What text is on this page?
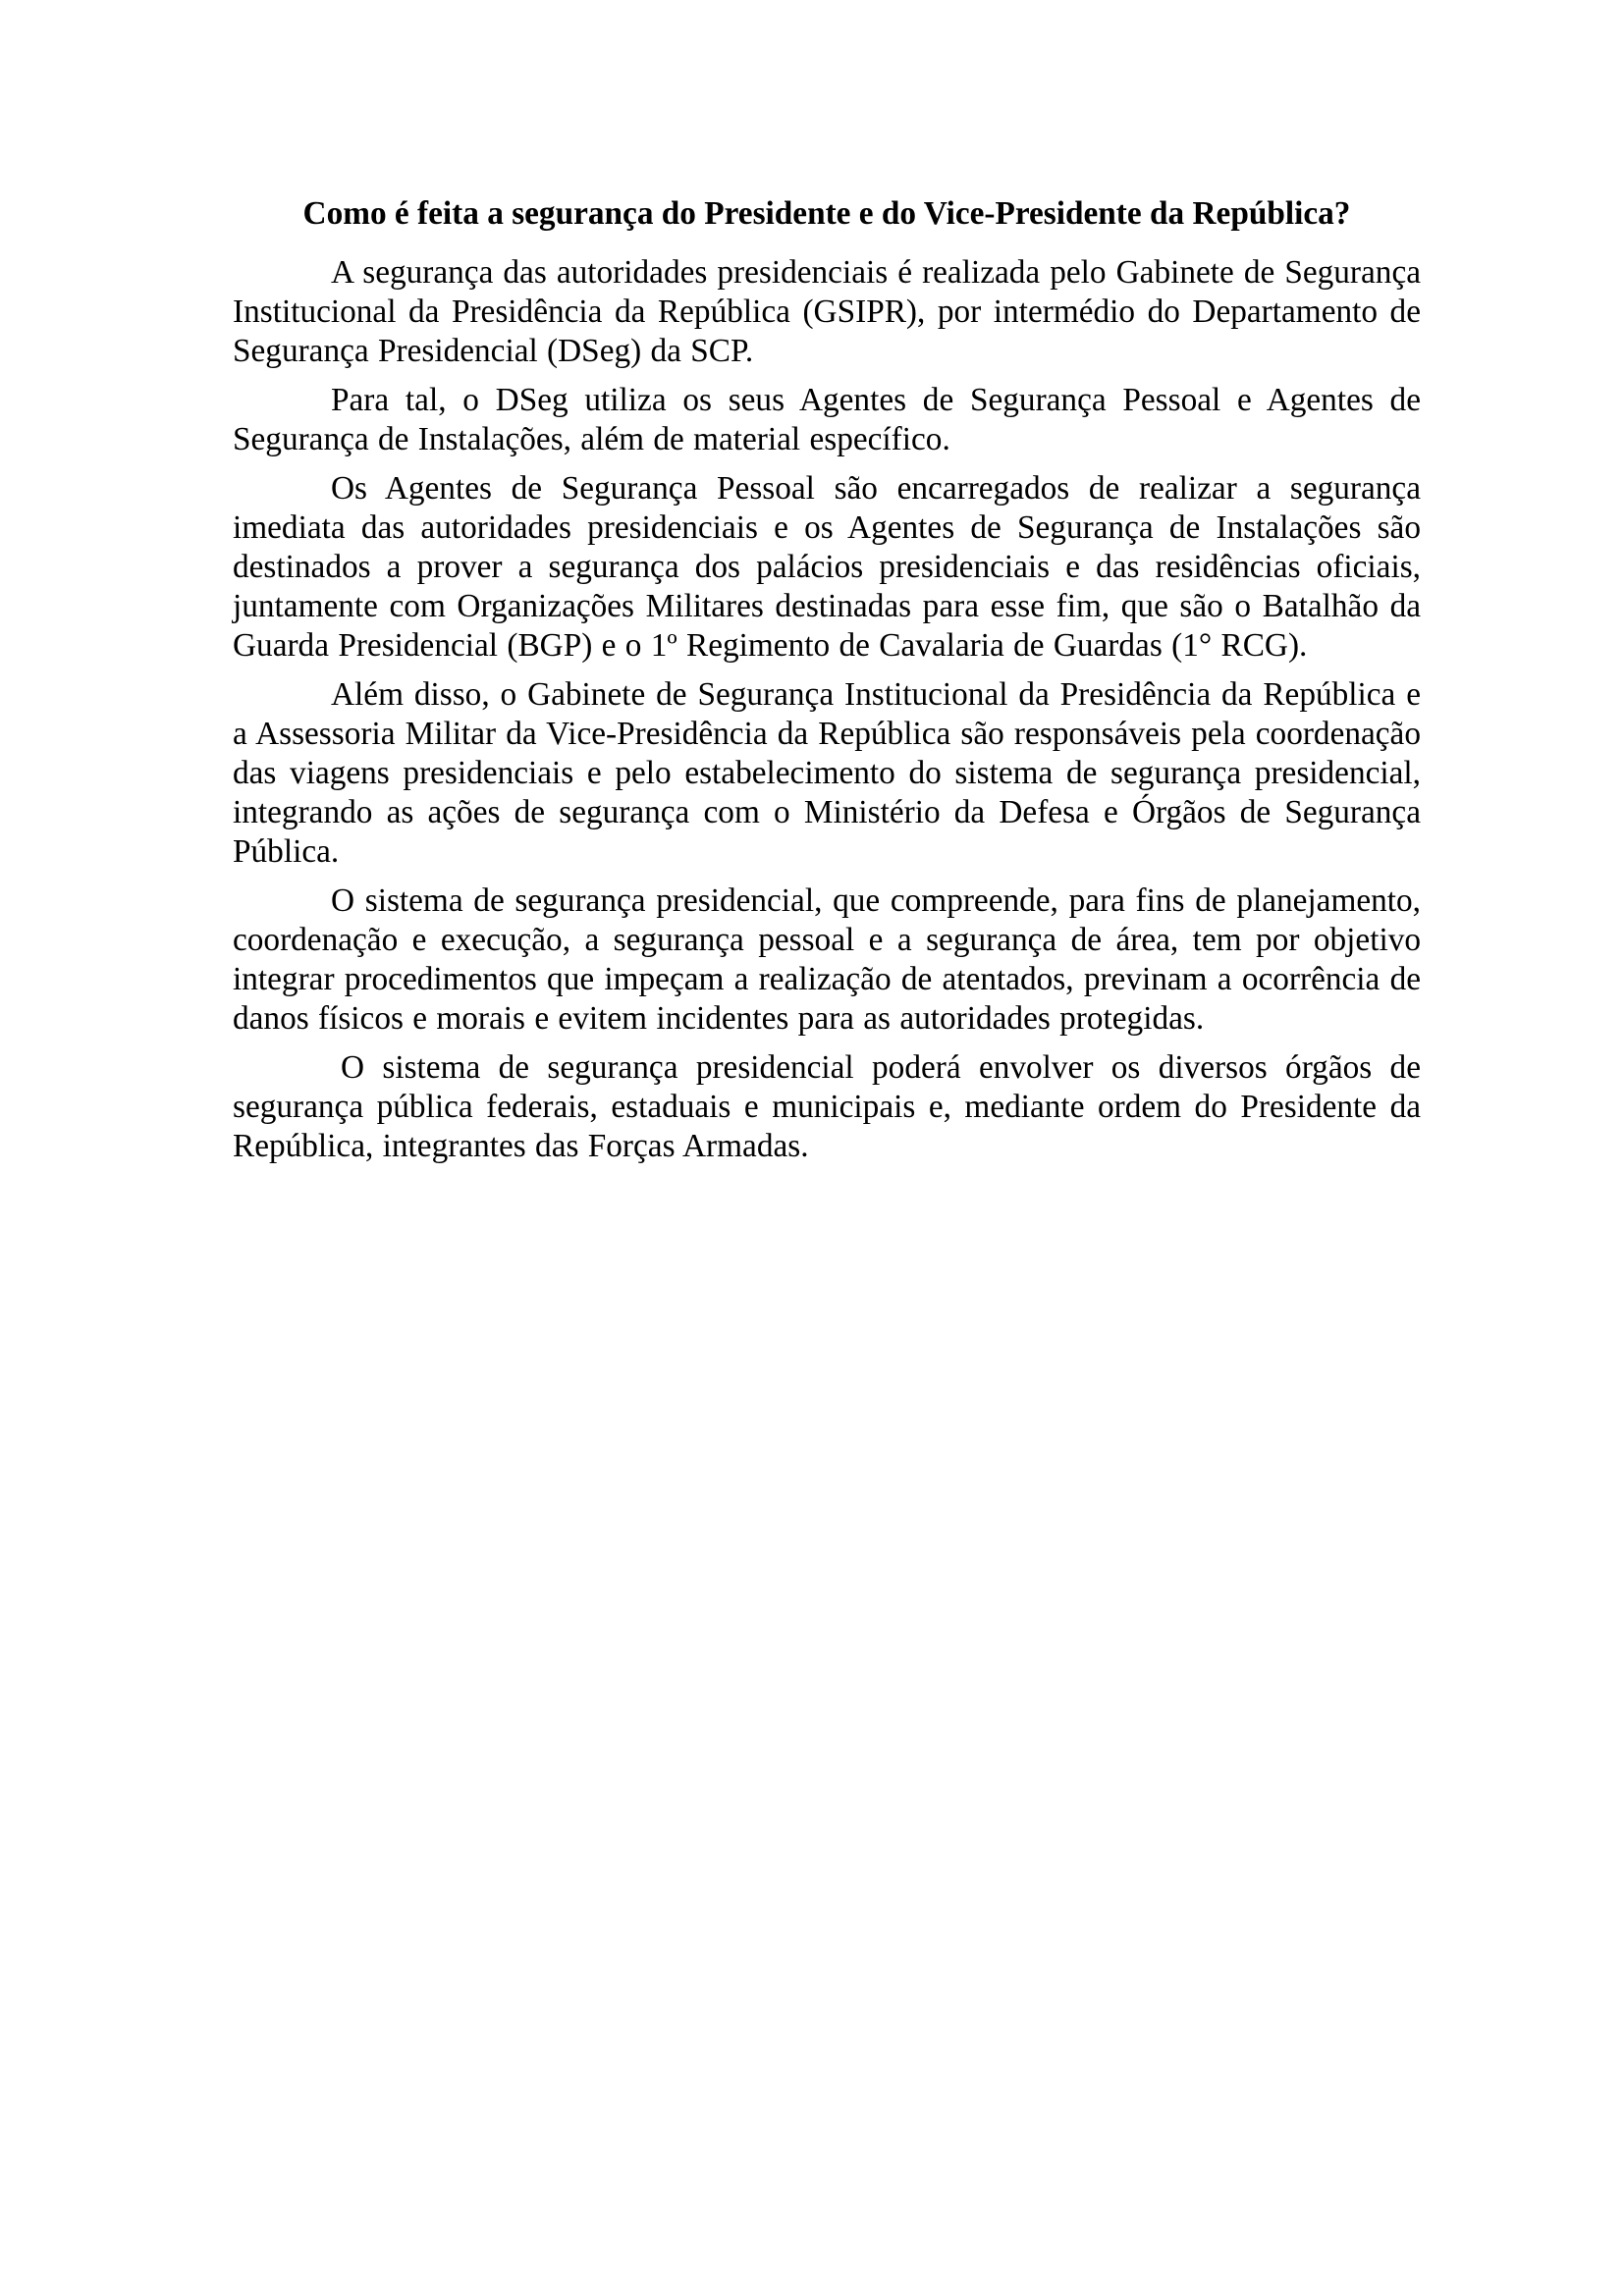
Como é feita a segurança do Presidente e do Vice-Presidente da República?

A segurança das autoridades presidenciais é realizada pelo Gabinete de Segurança Institucional da Presidência da República (GSIPR), por intermédio do Departamento de Segurança Presidencial (DSeg) da SCP.

Para tal, o DSeg utiliza os seus Agentes de Segurança Pessoal e Agentes de Segurança de Instalações, além de material específico.

Os Agentes de Segurança Pessoal são encarregados de realizar a segurança imediata das autoridades presidenciais e os Agentes de Segurança de Instalações são destinados a prover a segurança dos palácios presidenciais e das residências oficiais, juntamente com Organizações Militares destinadas para esse fim, que são o Batalhão da Guarda Presidencial (BGP) e o 1º Regimento de Cavalaria de Guardas (1° RCG).

Além disso, o Gabinete de Segurança Institucional da Presidência da República e a Assessoria Militar da Vice-Presidência da República são responsáveis pela coordenação das viagens presidenciais e pelo estabelecimento do sistema de segurança presidencial, integrando as ações de segurança com o Ministério da Defesa e Órgãos de Segurança Pública.

O sistema de segurança presidencial, que compreende, para fins de planejamento, coordenação e execução, a segurança pessoal e a segurança de área, tem por objetivo integrar procedimentos que impeçam a realização de atentados, previnam a ocorrência de danos físicos e morais e evitem incidentes para as autoridades protegidas.

O sistema de segurança presidencial poderá envolver os diversos órgãos de segurança pública federais, estaduais e municipais e, mediante ordem do Presidente da República, integrantes das Forças Armadas.
